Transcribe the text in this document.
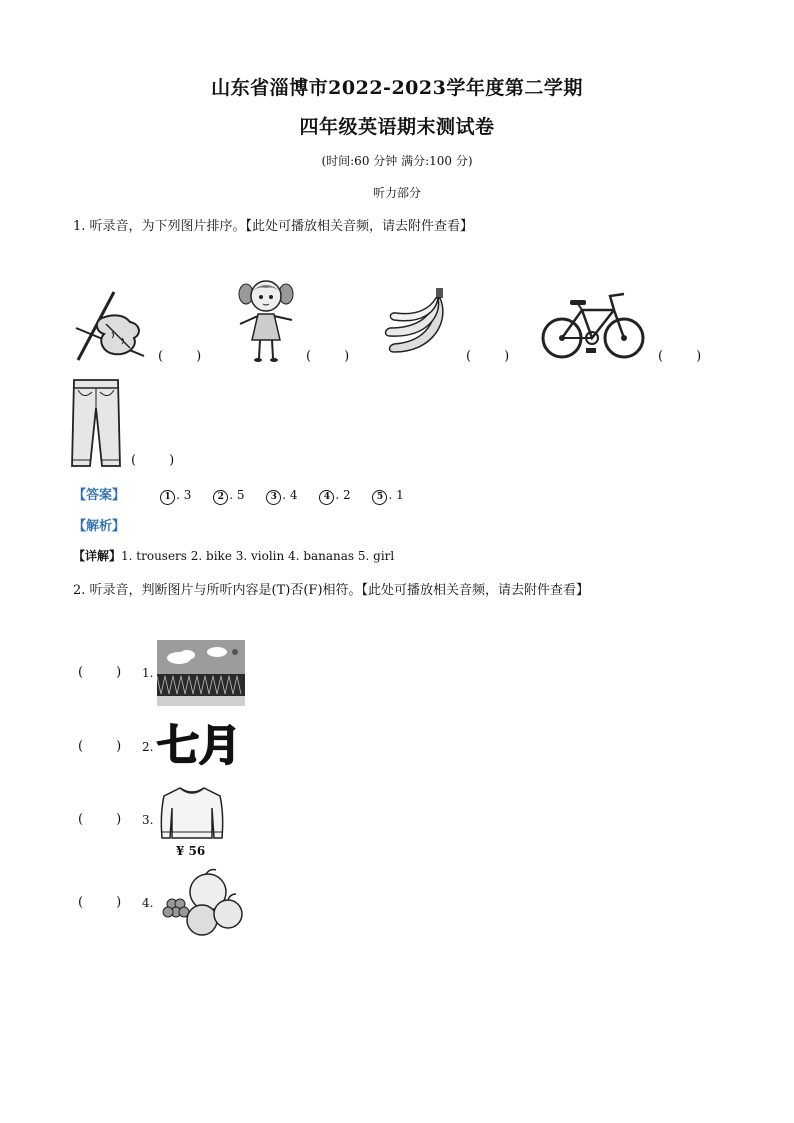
山东省淄博市2022-2023学年度第二学期
四年级英语期末测试卷
(时间:60 分钟 满分:100 分)
听力部分
1. 听录音，为下列图片排序。【此处可播放相关音频，请去附件查看】
(        )	(        )	(        )	(        )
(        )
【答案】	1 . 3	2 . 5	3 . 4	4 . 2	5 . 1
【解析】
【详解】1. trousers 2. bike 3. violin 4. bananas 5. girl
2. 听录音，判断图片与所听内容是(T)否(F)相符。【此处可播放相关音频，请去附件查看】
(        ) 1.
(        ) 2. 七月
(        ) 3.
¥ 56
(        ) 4.
